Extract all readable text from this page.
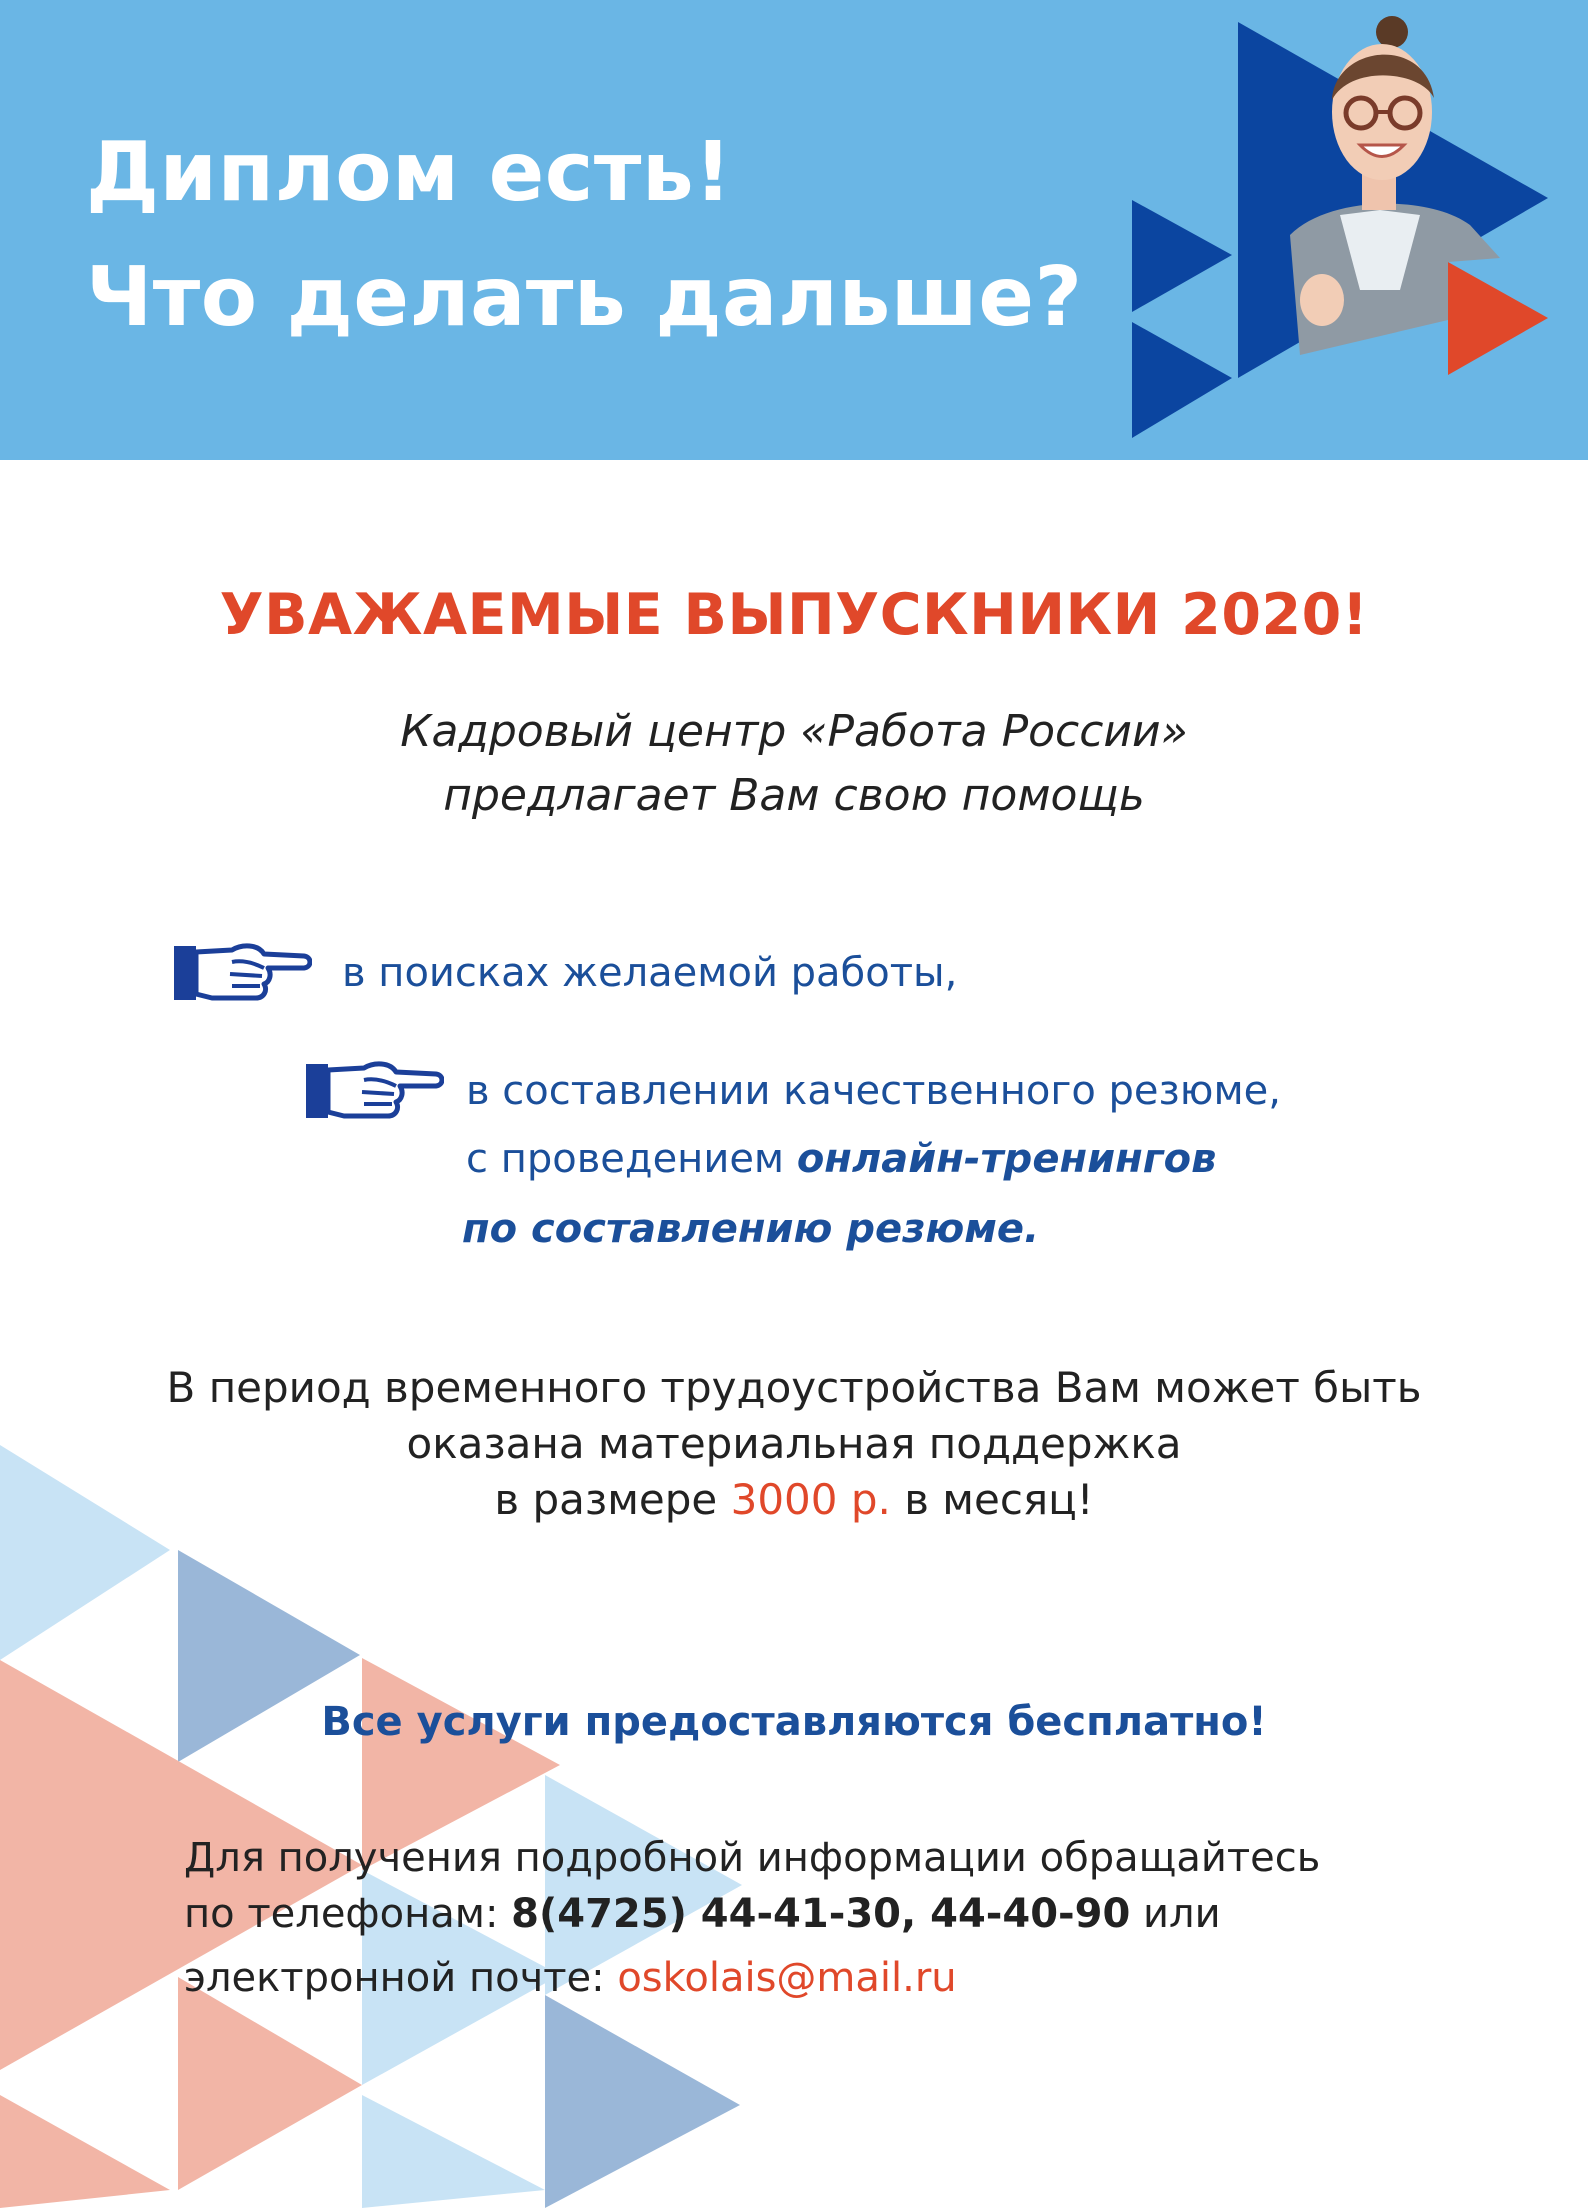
Диплом есть!
Что делать дальше?
УВАЖАЕМЫЕ ВЫПУСКНИКИ 2020!
Кадровый центр «Работа России»
предлагает Вам свою помощь
в поисках желаемой работы,
в составлении качественного резюме,
с проведением онлайн-тренингов
по составлению резюме.
В период временного трудоустройства Вам может быть
оказана материальная поддержка
в размере 3000 р. в месяц!
Все услуги предоставляются бесплатно!
Для получения подробной информации обращайтесь
по телефонам: 8(4725) 44-41-30, 44-40-90 или
электронной почте: oskolais@mail.ru
